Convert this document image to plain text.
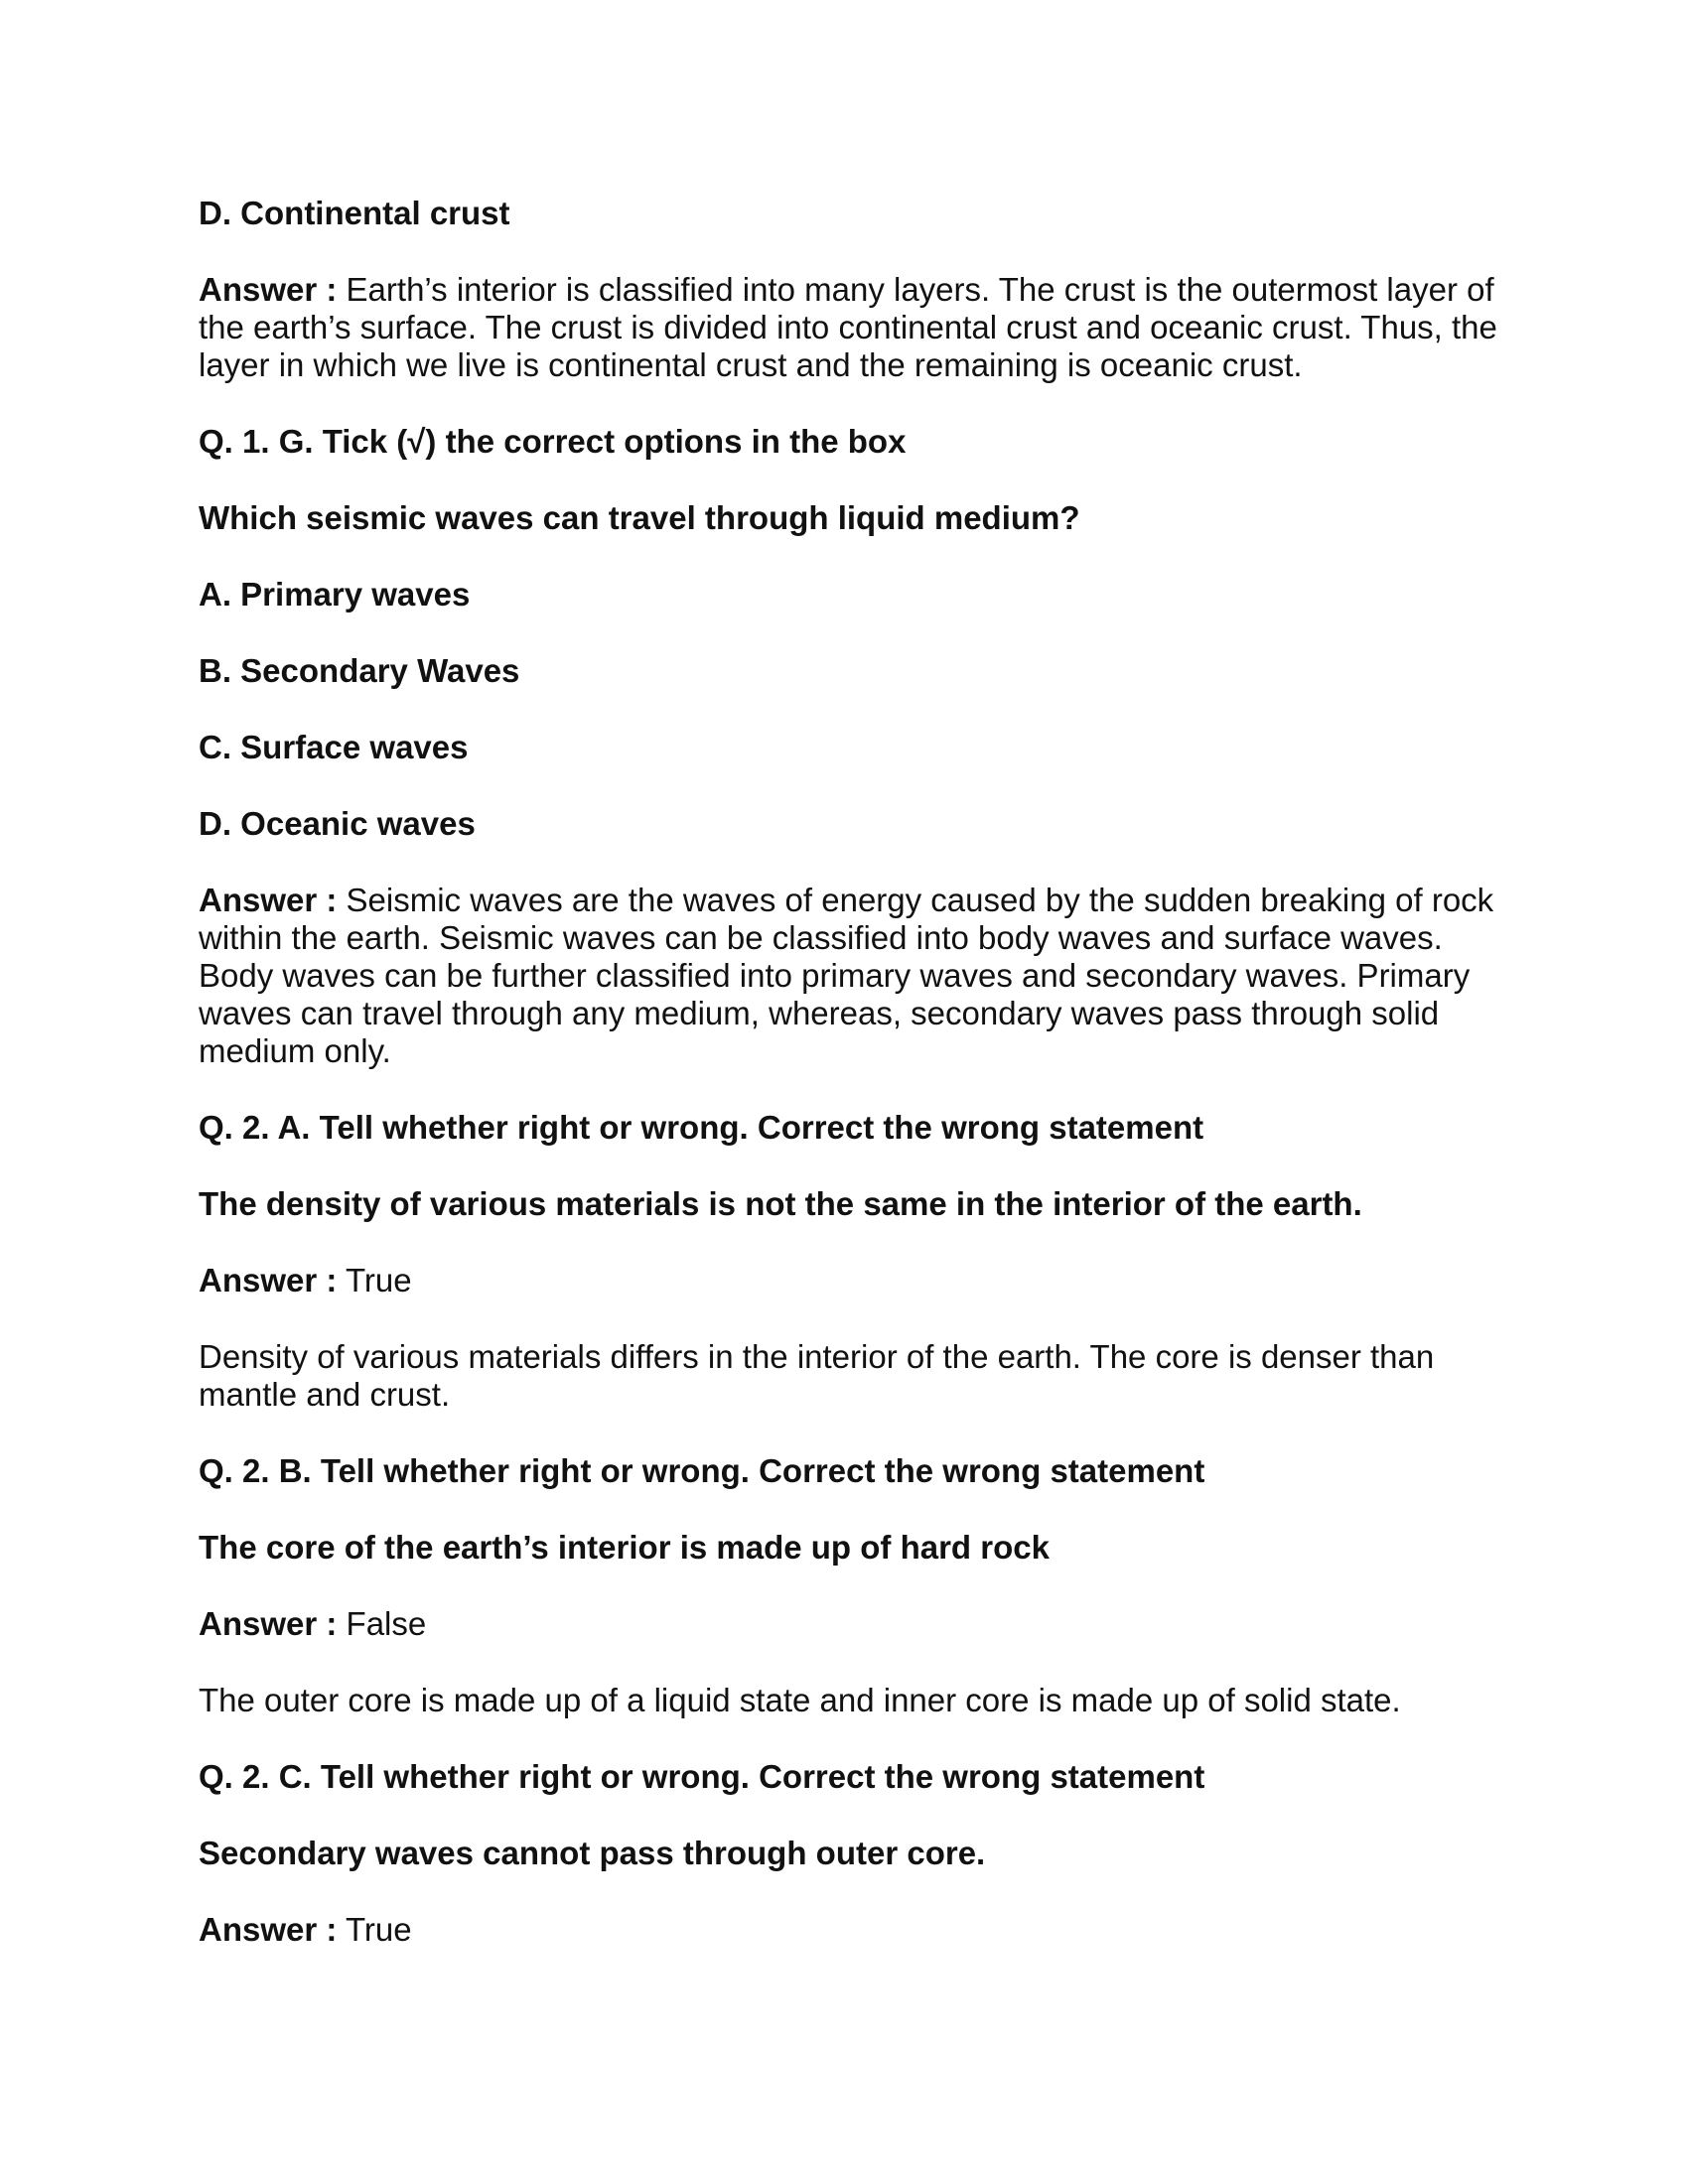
D. Continental crust

Answer : Earth’s interior is classified into many layers. The crust is the outermost layer of the earth’s surface. The crust is divided into continental crust and oceanic crust. Thus, the layer in which we live is continental crust and the remaining is oceanic crust.

Q. 1. G. Tick (√) the correct options in the box

Which seismic waves can travel through liquid medium?

A. Primary waves

B. Secondary Waves

C. Surface waves

D. Oceanic waves

Answer : Seismic waves are the waves of energy caused by the sudden breaking of rock within the earth. Seismic waves can be classified into body waves and surface waves. Body waves can be further classified into primary waves and secondary waves. Primary waves can travel through any medium, whereas, secondary waves pass through solid medium only.

Q. 2. A. Tell whether right or wrong. Correct the wrong statement

The density of various materials is not the same in the interior of the earth.

Answer : True

Density of various materials differs in the interior of the earth. The core is denser than mantle and crust.

Q. 2. B. Tell whether right or wrong. Correct the wrong statement

The core of the earth’s interior is made up of hard rock

Answer : False

The outer core is made up of a liquid state and inner core is made up of solid state.

Q. 2. C. Tell whether right or wrong. Correct the wrong statement

Secondary waves cannot pass through outer core.

Answer : True
